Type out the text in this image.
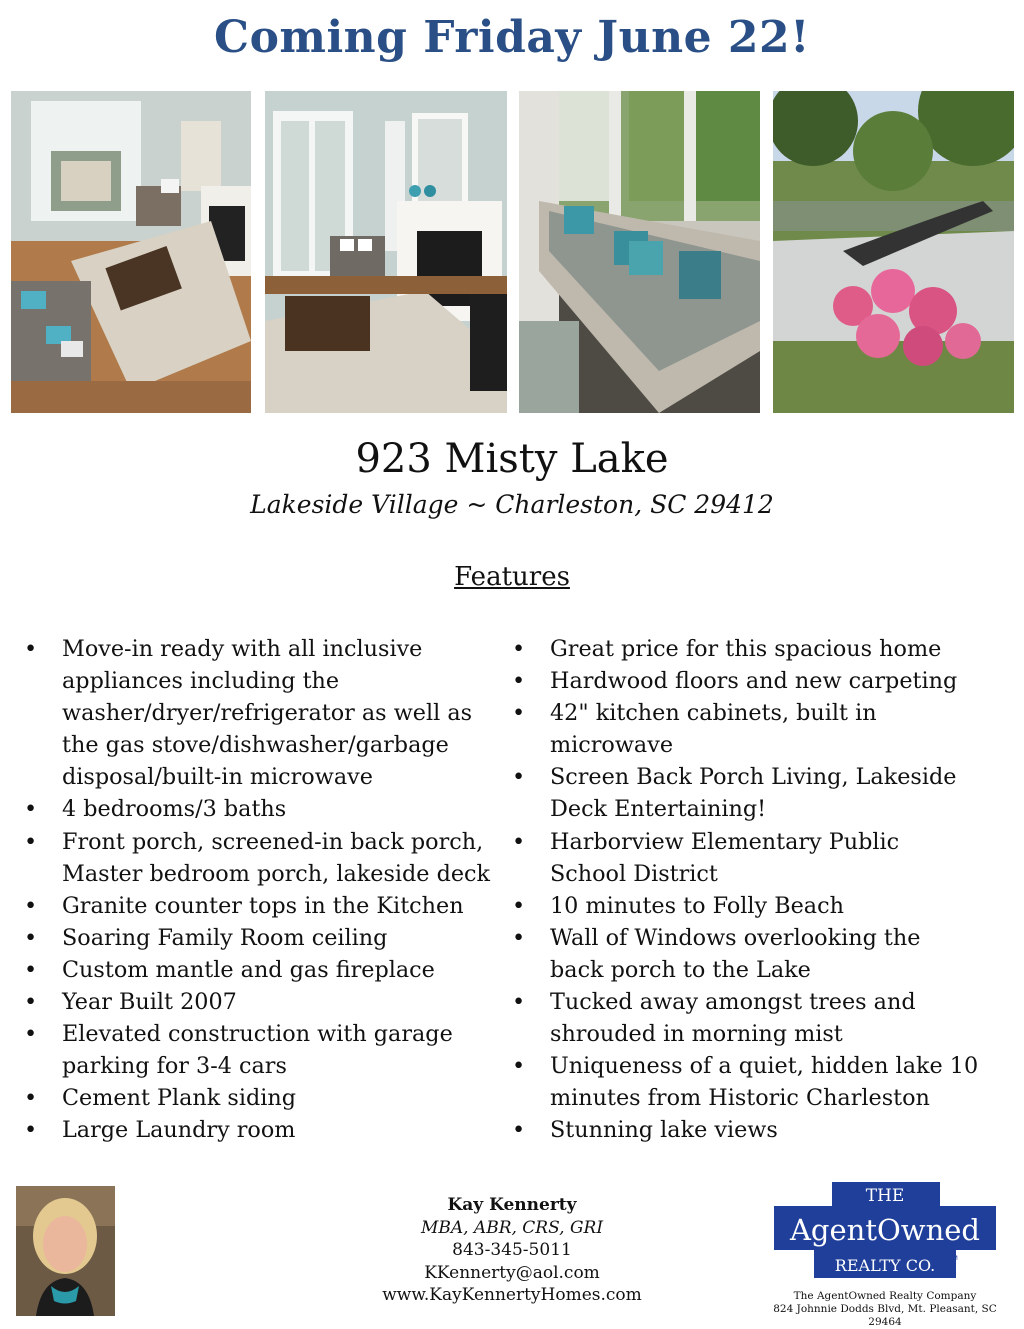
Coming Friday June 22!
923 Misty Lake
Lakeside Village ~ Charleston, SC 29412
Features
• Move-in ready with all inclusive
appliances including the
washer/dryer/refrigerator as well as
the gas stove/dishwasher/garbage
disposal/built-in microwave
• 4 bedrooms/3 baths
• Front porch, screened-in back porch,
Master bedroom porch, lakeside deck
• Granite counter tops in the Kitchen
• Soaring Family Room ceiling
• Custom mantle and gas fireplace
• Year Built 2007
• Elevated construction with garage
parking for 3-4 cars
• Cement Plank siding
• Large Laundry room
• Great price for this spacious home
• Hardwood floors and new carpeting
• 42" kitchen cabinets, built in
microwave
• Screen Back Porch Living, Lakeside
Deck Entertaining!
• Harborview Elementary Public
School District
• 10 minutes to Folly Beach
• Wall of Windows overlooking the
back porch to the Lake
• Tucked away amongst trees and
shrouded in morning mist
• Uniqueness of a quiet, hidden lake 10
minutes from Historic Charleston
• Stunning lake views
Kay Kennerty
MBA, ABR, CRS, GRI
843-345-5011
KKennerty@aol.com
www.KayKennertyHomes.com
THE
AgentOwned
REALTY CO. TM
The AgentOwned Realty Company
824 Johnnie Dodds Blvd, Mt. Pleasant, SC 29464
